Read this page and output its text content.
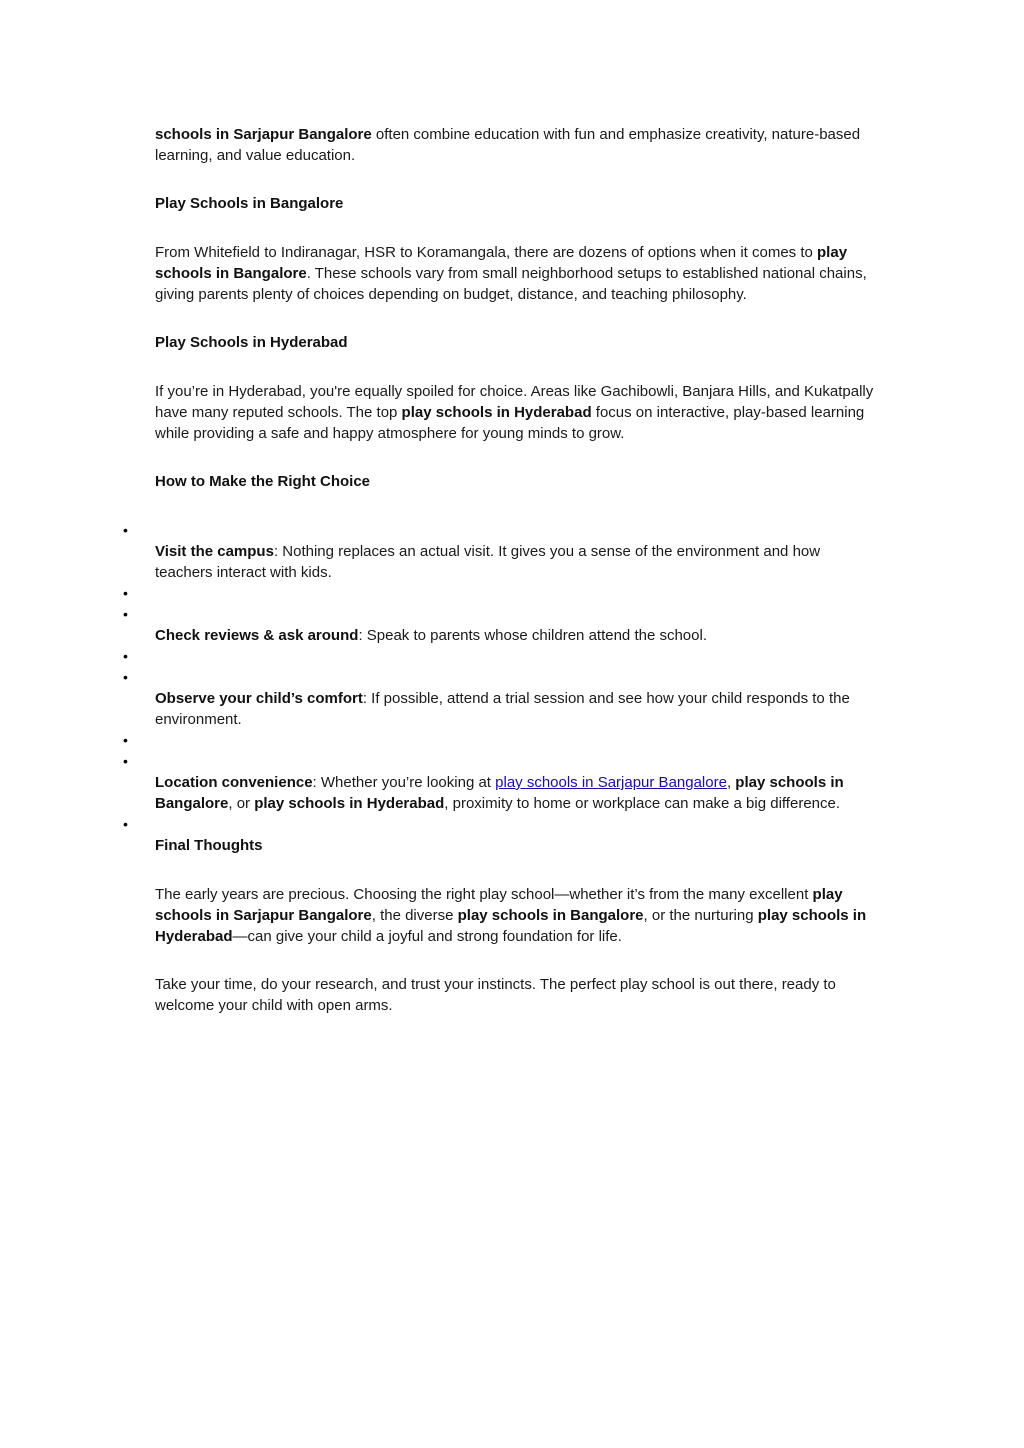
schools in Sarjapur Bangalore often combine education with fun and emphasize creativity, nature-based learning, and value education.

Play Schools in Bangalore

From Whitefield to Indiranagar, HSR to Koramangala, there are dozens of options when it comes to play schools in Bangalore. These schools vary from small neighborhood setups to established national chains, giving parents plenty of choices depending on budget, distance, and teaching philosophy.

Play Schools in Hyderabad

If you’re in Hyderabad, you're equally spoiled for choice. Areas like Gachibowli, Banjara Hills, and Kukatpally have many reputed schools. The top play schools in Hyderabad focus on interactive, play-based learning while providing a safe and happy atmosphere for young minds to grow.

How to Make the Right Choice

•
•
•
•
•
•
•
•

Visit the campus: Nothing replaces an actual visit. It gives you a sense of the environment and how teachers interact with kids.

Check reviews & ask around: Speak to parents whose children attend the school.

Observe your child’s comfort: If possible, attend a trial session and see how your child responds to the environment.

Location convenience: Whether you’re looking at play schools in Sarjapur Bangalore, play schools in Bangalore, or play schools in Hyderabad, proximity to home or workplace can make a big difference.

Final Thoughts

The early years are precious. Choosing the right play school—whether it’s from the many excellent play schools in Sarjapur Bangalore, the diverse play schools in Bangalore, or the nurturing play schools in Hyderabad—can give your child a joyful and strong foundation for life.

Take your time, do your research, and trust your instincts. The perfect play school is out there, ready to welcome your child with open arms.
